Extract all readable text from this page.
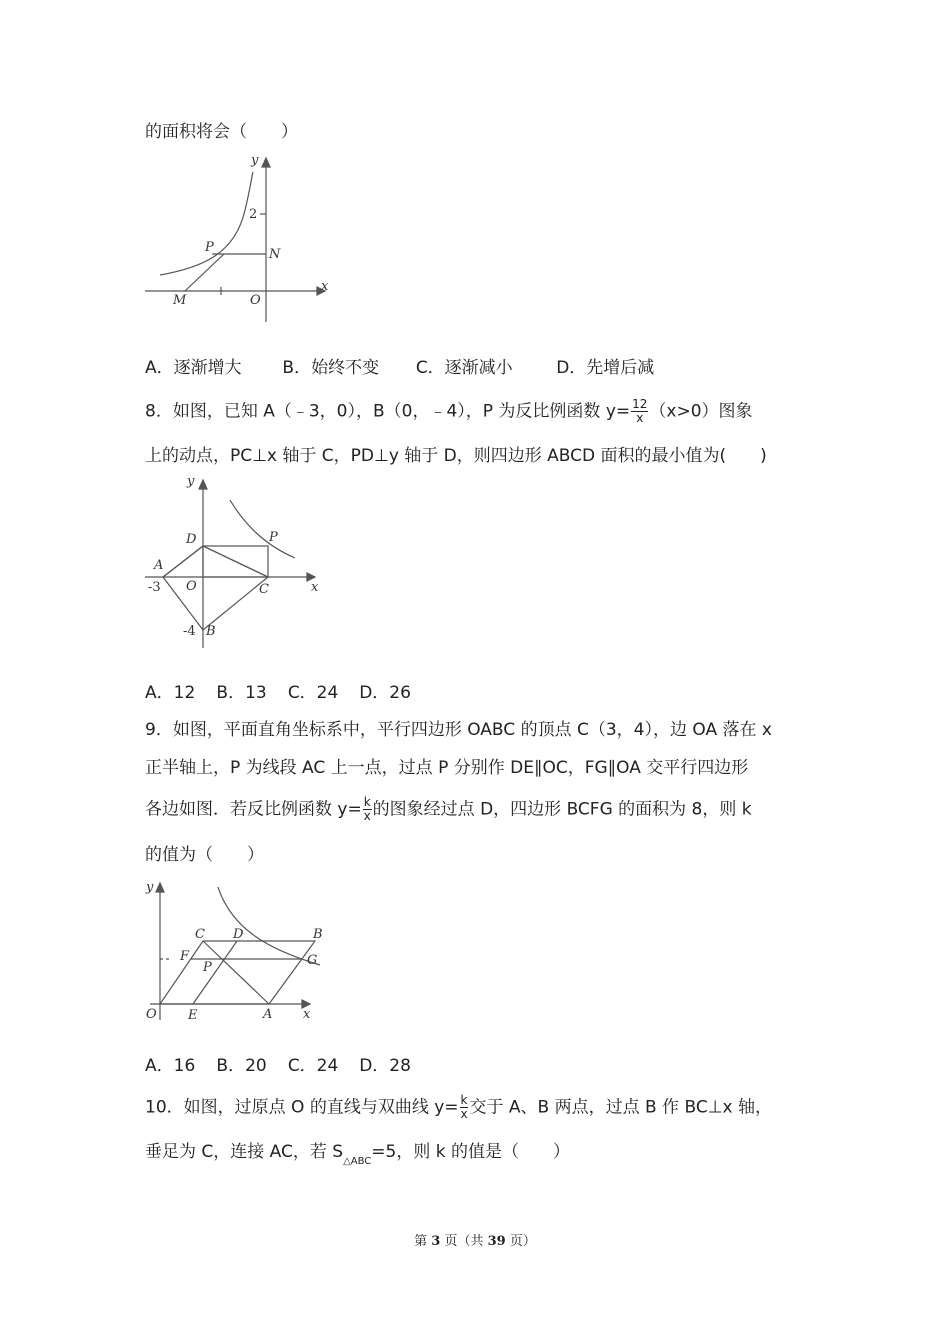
的面积将会（　　）
y
2
P	N
M	O
x
A．逐渐增大 B．始终不变 C．逐渐减小	D．先增后减
8．如图，已知 A（﹣3，0），B（0，﹣4），P 为反比例函数 $y= \frac{12}{x} (x>0)$图象
上的动点，PC⊥x 轴于 C，PD⊥y 轴于 D，则四边形 ABCD 面积的最小值为(　　)
y
D	P
A
O	C	x
-3
-4 B
A．12 B．13 C．24 D．26
9．如图，平面直角坐标系中，平行四边形 OABC 的顶点 C（3，4），边 OA 落在 x
正半轴上，P 为线段 AC 上一点，过点 P 分别作 DE∥OC，FG∥OA 交平行四边形
各边如图．若反比例函数 $y= \frac{k}{x}$ 的图象经过点 D，四边形 BCFG 的面积为 8，则 k
的值为（　　）
y
C D	B
F
P	G
O E	A x
A．16 B．20 C．24 D．28
10．如图，过原点 O 的直线与双曲线 $y= \frac{k}{x}$ 交于 A、B 两点，过点 B 作 BC⊥x 轴，
垂足为 C，连接 AC，若 $S_{\triangle ABC}=5$，则 k 的值是（　　）
第 3 页（共 39 页）
